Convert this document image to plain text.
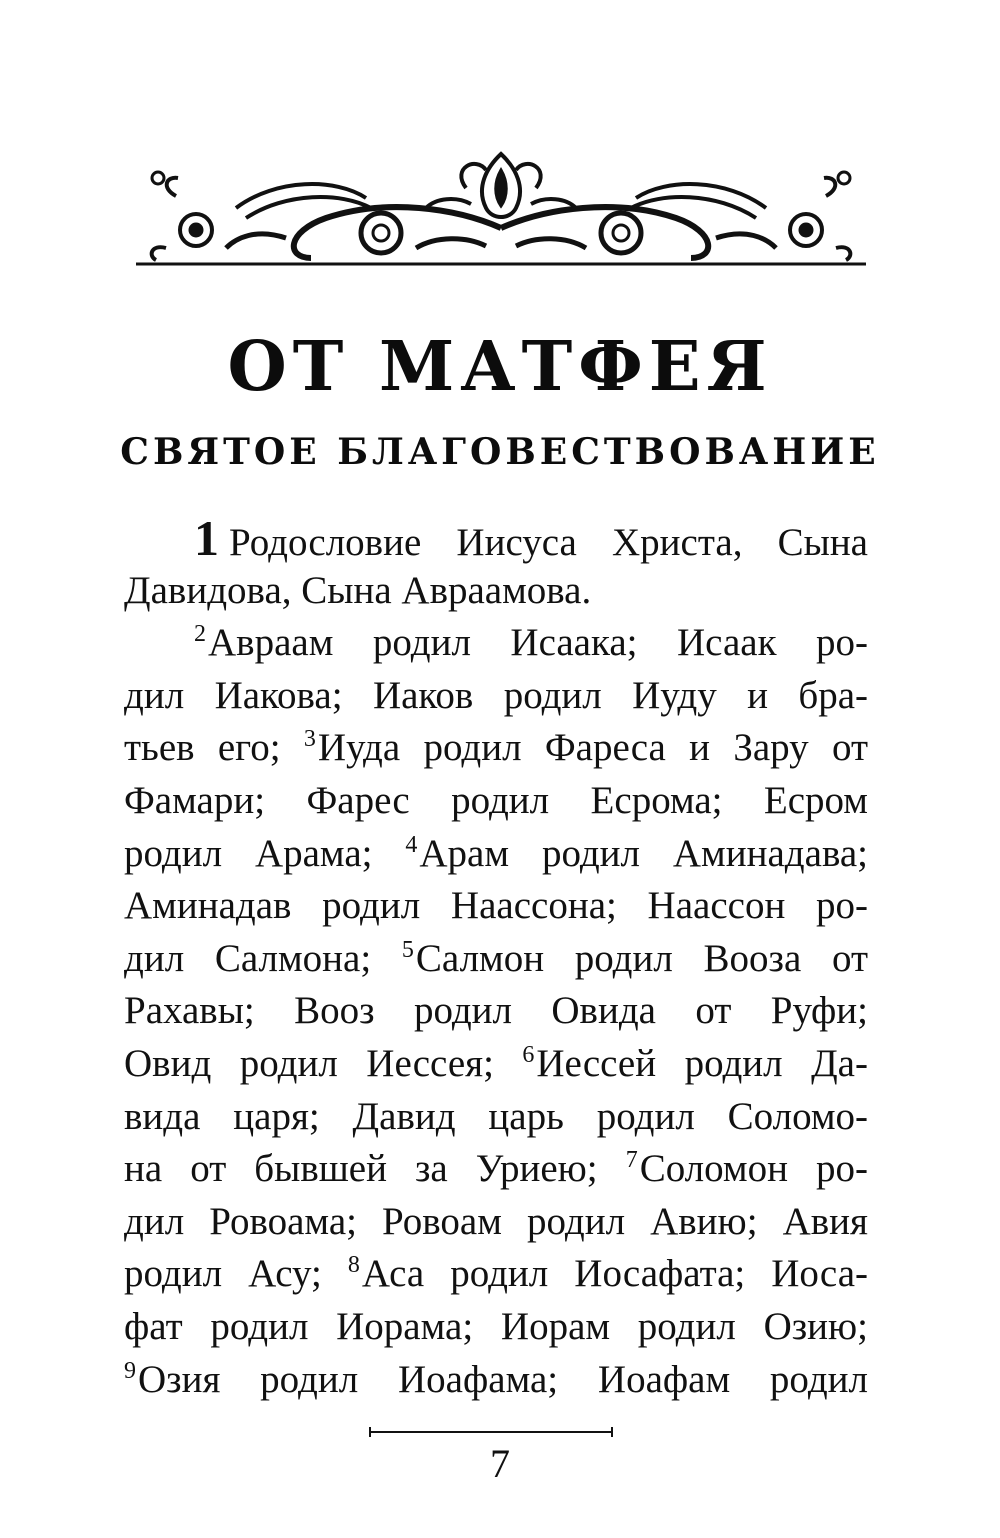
ОТ МАТФЕЯ
СВЯТОЕ БЛАГОВЕСТВОВАНИЕ
1 Родословие Иисуса Христа, Сына
Давидова, Сына Авраамова.
$^2$Авраам родил Исаака; Исаак ро-
дил Иакова; Иаков родил Иуду и бра-
тьев его; $^3$Иуда родил Фареса и Зару от
Фамари; Фарес родил Есрома; Есром
родил Арама; $^4$Арам родил Аминадава;
Аминадав родил Наассона; Наассон ро-
дил Салмона; $^5$Салмон родил Вооза от
Рахавы; Вооз родил Овида от Руфи;
Овид родил Иессея; $^6$Иессей родил Да-
вида царя; Давид царь родил Соломо-
на от бывшей за Уриею; $^7$Соломон ро-
дил Ровоама; Ровоам родил Авию; Авия
родил Асу; $^8$Аса родил Иосафата; Иоса-
фат родил Иорама; Иорам родил Озию;
$^9$Озия родил Иоафама; Иоафам родил
7
